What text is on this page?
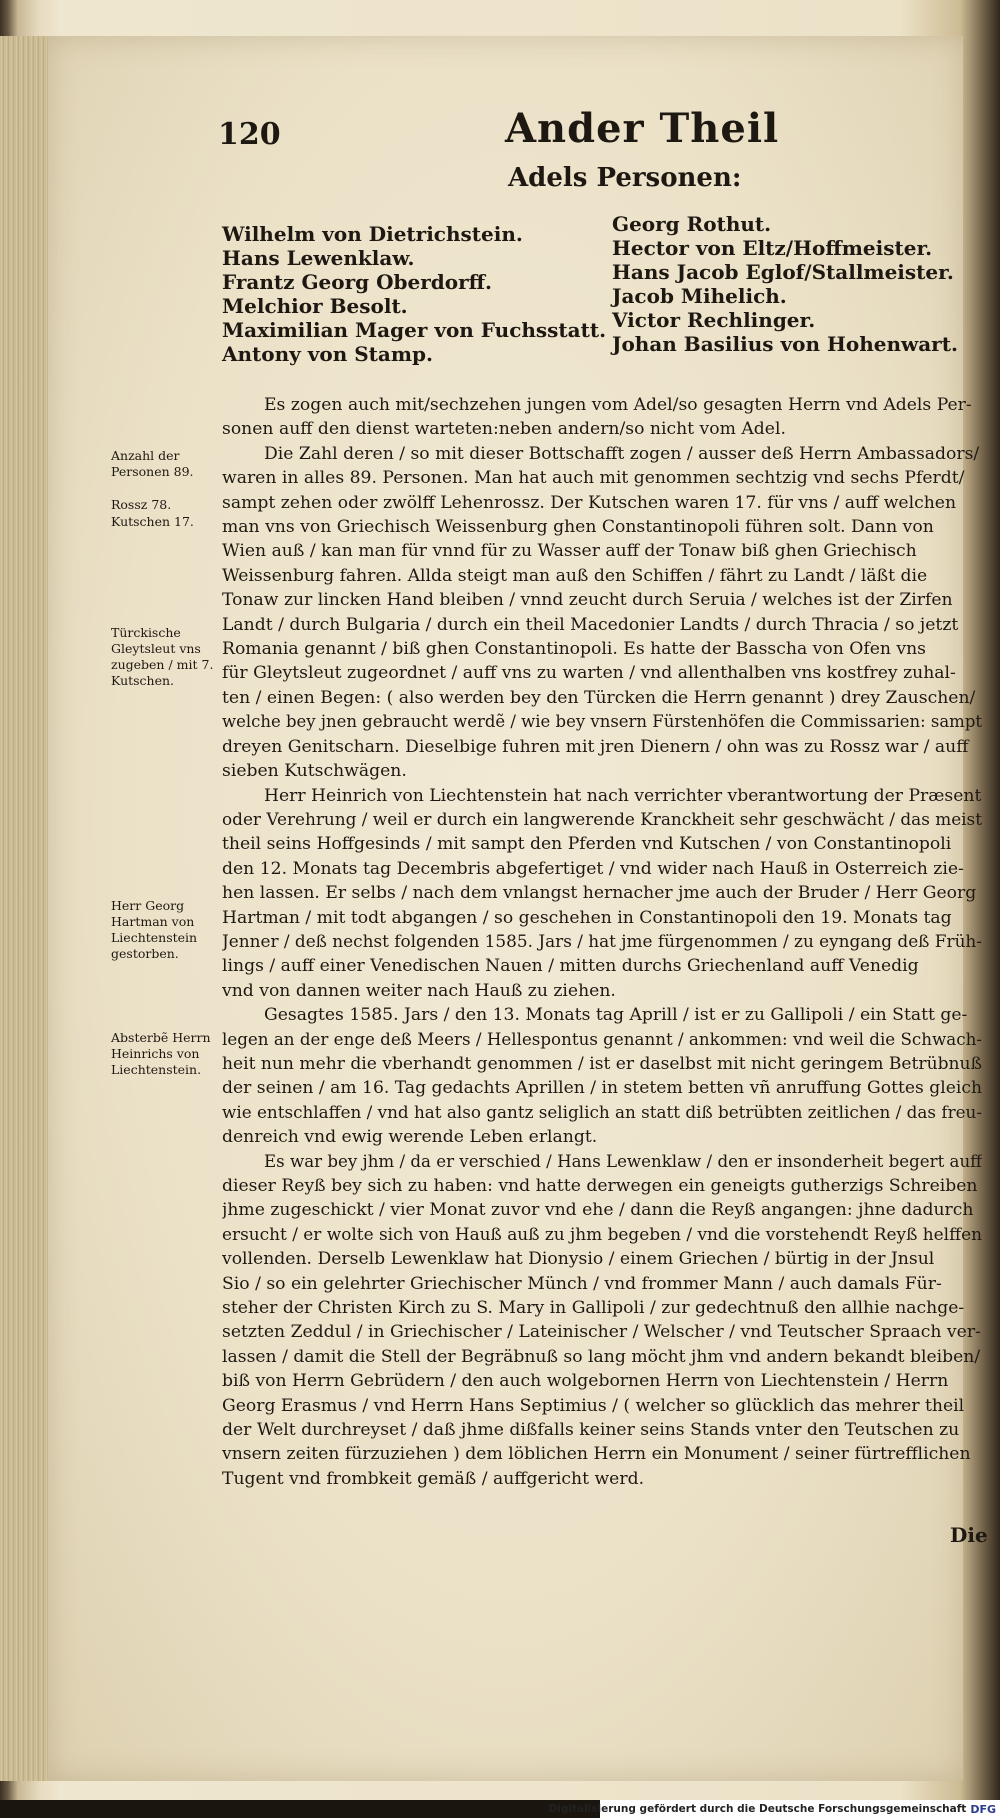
120	Ander Theil
Adels Personen:
Wilhelm von Dietrichstein.
Hans Lewenklaw.
Frantz Georg Oberdorff.
Melchior Besolt.
Maximilian Mager von Fuchsstatt.
Antony von Stamp.
Georg Rothut.
Hector von Eltz/Hoffmeister.
Hans Jacob Eglof/Stallmeister.
Jacob Mihelich.
Victor Rechlinger.
Johan Basilius von Hohenwart.
Es zogen auch mit/sechzehen jungen vom Adel/so gesagten Herrn vnd Adels Per-
sonen auff den dienst warteten:neben andern/so nicht vom Adel.
Die Zahl deren / so mit dieser Bottschafft zogen / ausser deß Herrn Ambassadors/
waren in alles 89. Personen. Man hat auch mit genommen sechtzig vnd sechs Pferdt/
sampt zehen oder zwölff Lehenrossz. Der Kutschen waren 17. für vns / auff welchen
man vns von Griechisch Weissenburg ghen Constantinopoli führen solt. Dann von
Wien auß / kan man für vnnd für zu Wasser auff der Tonaw biß ghen Griechisch
Weissenburg fahren. Allda steigt man auß den Schiffen / fährt zu Landt / läßt die
Tonaw zur lincken Hand bleiben / vnnd zeucht durch Seruia / welches ist der Zirfen
Landt / durch Bulgaria / durch ein theil Macedonier Landts / durch Thracia / so jetzt
Romania genannt / biß ghen Constantinopoli. Es hatte der Basscha von Ofen vns
für Gleytsleut zugeordnet / auff vns zu warten / vnd allenthalben vns kostfrey zuhal-
ten / einen Begen: ( also werden bey den Türcken die Herrn genannt ) drey Zauschen/
welche bey jnen gebraucht werdẽ / wie bey vnsern Fürstenhöfen die Commissarien: sampt
dreyen Genitscharn. Dieselbige fuhren mit jren Dienern / ohn was zu Rossz war / auff
sieben Kutschwägen.
Herr Heinrich von Liechtenstein hat nach verrichter vberantwortung der Præsent
oder Verehrung / weil er durch ein langwerende Kranckheit sehr geschwächt / das meist
theil seins Hoffgesinds / mit sampt den Pferden vnd Kutschen / von Constantinopoli
den 12. Monats tag Decembris abgefertiget / vnd wider nach Hauß in Osterreich zie-
hen lassen. Er selbs / nach dem vnlangst hernacher jme auch der Bruder / Herr Georg
Hartman / mit todt abgangen / so geschehen in Constantinopoli den 19. Monats tag
Jenner / deß nechst folgenden 1585. Jars / hat jme fürgenommen / zu eyngang deß Früh-
lings / auff einer Venedischen Nauen / mitten durchs Griechenland auff Venedig
vnd von dannen weiter nach Hauß zu ziehen.
Gesagtes 1585. Jars / den 13. Monats tag Aprill / ist er zu Gallipoli / ein Statt ge-
legen an der enge deß Meers / Hellespontus genannt / ankommen: vnd weil die Schwach-
heit nun mehr die vberhandt genommen / ist er daselbst mit nicht geringem Betrübnuß
der seinen / am 16. Tag gedachts Aprillen / in stetem betten vñ anruffung Gottes gleich
wie entschlaffen / vnd hat also gantz seliglich an statt diß betrübten zeitlichen / das freu-
denreich vnd ewig werende Leben erlangt.
Es war bey jhm / da er verschied / Hans Lewenklaw / den er insonderheit begert auff
dieser Reyß bey sich zu haben: vnd hatte derwegen ein geneigts gutherzigs Schreiben
jhme zugeschickt / vier Monat zuvor vnd ehe / dann die Reyß angangen: jhne dadurch
ersucht / er wolte sich von Hauß auß zu jhm begeben / vnd die vorstehendt Reyß helffen
vollenden. Derselb Lewenklaw hat Dionysio / einem Griechen / bürtig in der Jnsul
Sio / so ein gelehrter Griechischer Münch / vnd frommer Mann / auch damals Für-
steher der Christen Kirch zu S. Mary in Gallipoli / zur gedechtnuß den allhie nachge-
setzten Zeddul / in Griechischer / Lateinischer / Welscher / vnd Teutscher Spraach ver-
lassen / damit die Stell der Begräbnuß so lang möcht jhm vnd andern bekandt bleiben/
biß von Herrn Gebrüdern / den auch wolgebornen Herrn von Liechtenstein / Herrn
Georg Erasmus / vnd Herrn Hans Septimius / ( welcher so glücklich das mehrer theil
der Welt durchreyset / daß jhme dißfalls keiner seins Stands vnter den Teutschen zu
vnsern zeiten fürzuziehen ) dem löblichen Herrn ein Monument / seiner fürtrefflichen
Tugent vnd frombkeit gemäß / auffgericht werd.
Anzahl der Personen 89.
Rossz 78.
Kutschen 17.
Türckische Gleytsleut vns zugeben / mit 7. Kutschen.
Herr Georg Hartman von Liechtenstein gestorben.
Absterbẽ Herrn Heinrichs von Liechtenstein.
Die
Digitalisierung gefördert durch die Deutsche Forschungsgemeinschaft DFG
